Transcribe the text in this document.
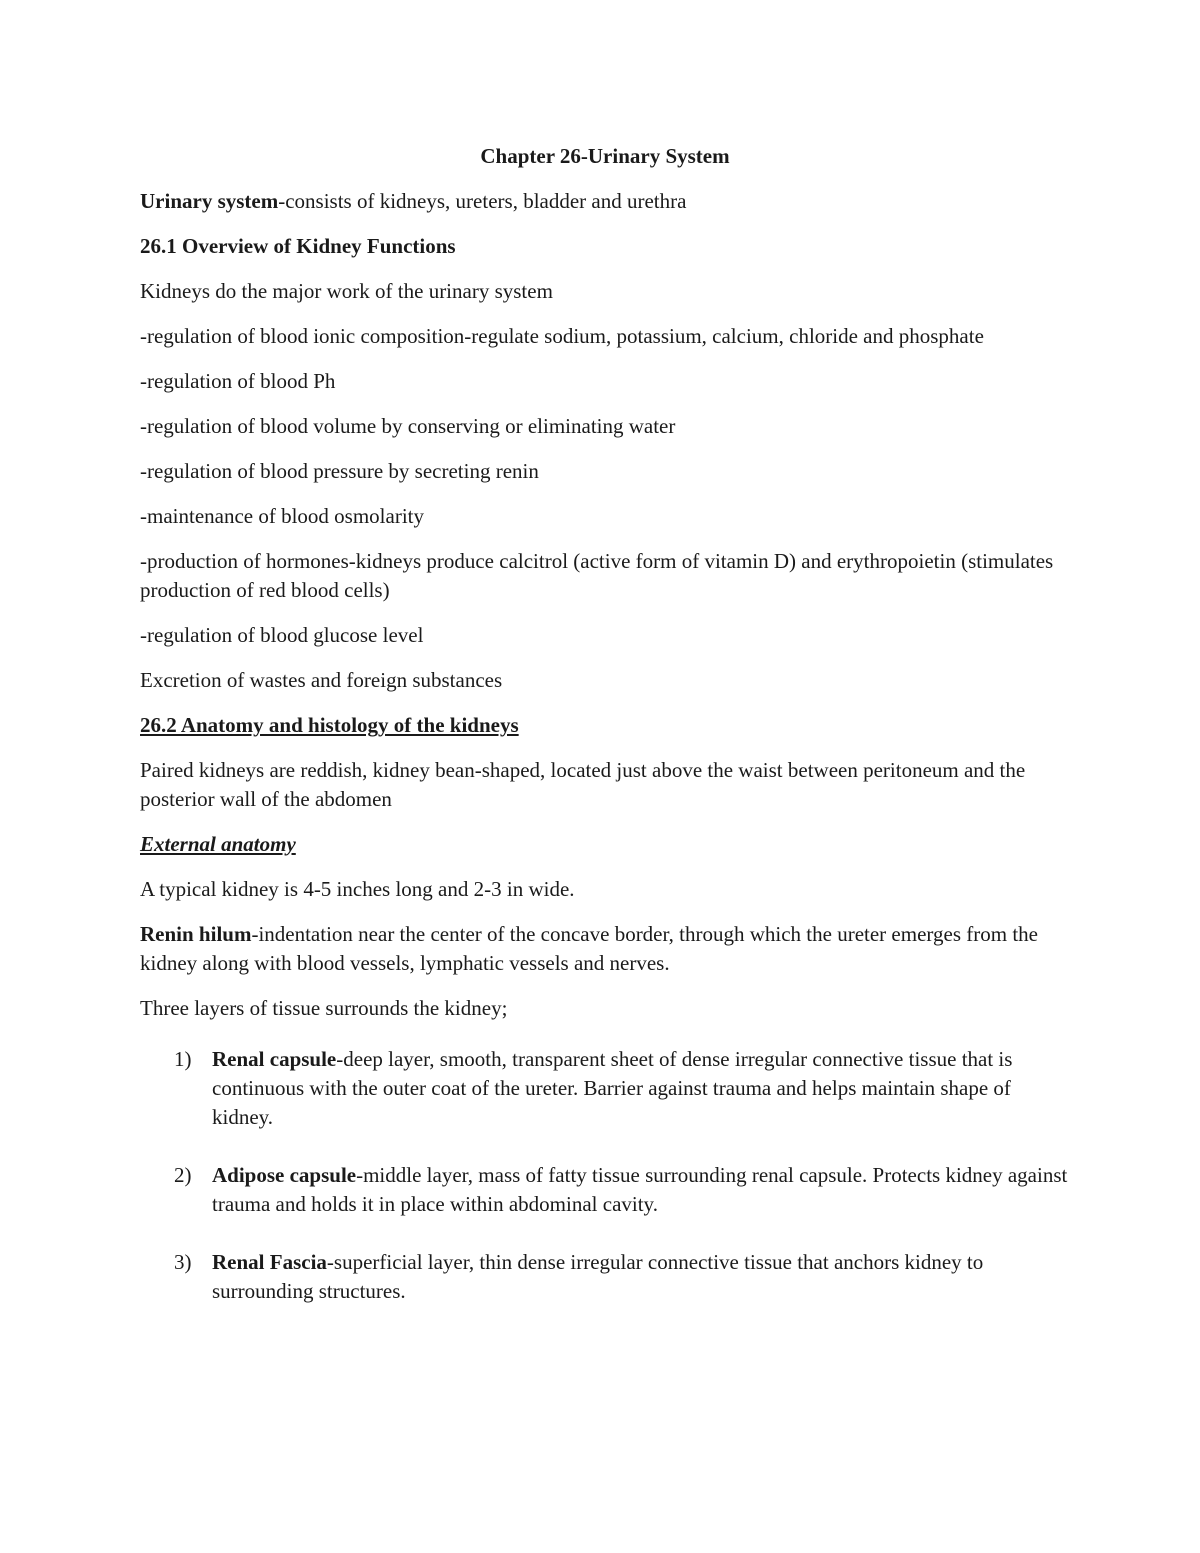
Chapter 26-Urinary System

Urinary system-consists of kidneys, ureters, bladder and urethra

26.1 Overview of Kidney Functions

Kidneys do the major work of the urinary system

-regulation of blood ionic composition-regulate sodium, potassium, calcium, chloride and phosphate

-regulation of blood Ph

-regulation of blood volume by conserving or eliminating water

-regulation of blood pressure by secreting renin

-maintenance of blood osmolarity

-production of hormones-kidneys produce calcitrol (active form of vitamin D) and erythropoietin (stimulates production of red blood cells)

-regulation of blood glucose level

Excretion of wastes and foreign substances

26.2 Anatomy and histology of the kidneys

Paired kidneys are reddish, kidney bean-shaped, located just above the waist between peritoneum and the posterior wall of the abdomen

External anatomy

A typical kidney is 4-5 inches long and 2-3 in wide.

Renin hilum-indentation near the center of the concave border, through which the ureter emerges from the kidney along with blood vessels, lymphatic vessels and nerves.

Three layers of tissue surrounds the kidney;

1) Renal capsule-deep layer, smooth, transparent sheet of dense irregular connective tissue that is continuous with the outer coat of the ureter. Barrier against trauma and helps maintain shape of kidney.
2) Adipose capsule-middle layer, mass of fatty tissue surrounding renal capsule. Protects kidney against trauma and holds it in place within abdominal cavity.
3) Renal Fascia-superficial layer, thin dense irregular connective tissue that anchors kidney to surrounding structures.
